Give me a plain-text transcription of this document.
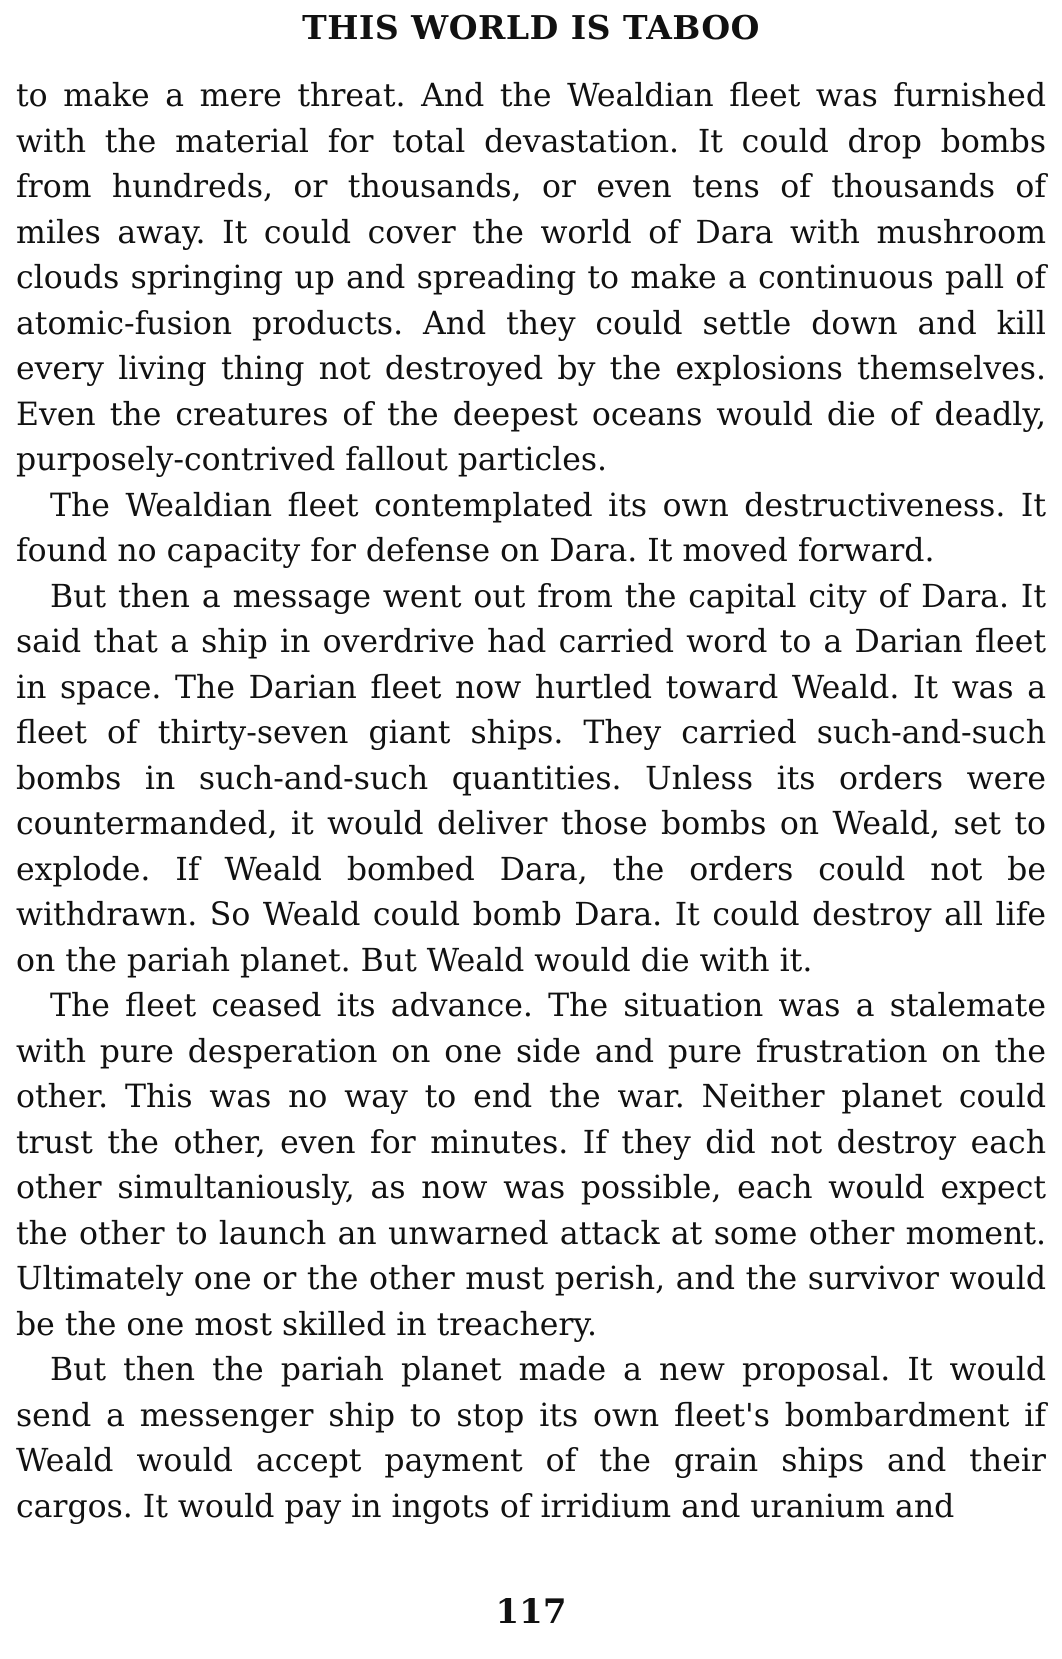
THIS WORLD IS TABOO

to make a mere threat. And the Wealdian fleet was furnished with the material for total devastation. It could drop bombs from hundreds, or thousands, or even tens of thousands of miles away. It could cover the world of Dara with mushroom clouds springing up and spreading to make a continuous pall of atomic-fusion products. And they could settle down and kill every living thing not destroyed by the explosions themselves. Even the creatures of the deepest oceans would die of deadly, purposely-contrived fallout particles.

The Wealdian fleet contemplated its own destructiveness. It found no capacity for defense on Dara. It moved forward.

But then a message went out from the capital city of Dara. It said that a ship in overdrive had carried word to a Darian fleet in space. The Darian fleet now hurtled toward Weald. It was a fleet of thirty-seven giant ships. They carried such-and-such bombs in such-and-such quantities. Unless its orders were countermanded, it would deliver those bombs on Weald, set to explode. If Weald bombed Dara, the orders could not be withdrawn. So Weald could bomb Dara. It could destroy all life on the pariah planet. But Weald would die with it.

The fleet ceased its advance. The situation was a stalemate with pure desperation on one side and pure frustration on the other. This was no way to end the war. Neither planet could trust the other, even for minutes. If they did not destroy each other simultaniously, as now was possible, each would expect the other to launch an unwarned attack at some other moment. Ultimately one or the other must perish, and the survivor would be the one most skilled in treachery.

But then the pariah planet made a new proposal. It would send a messenger ship to stop its own fleet's bombardment if Weald would accept payment of the grain ships and their cargos. It would pay in ingots of irridium and uranium and

117
